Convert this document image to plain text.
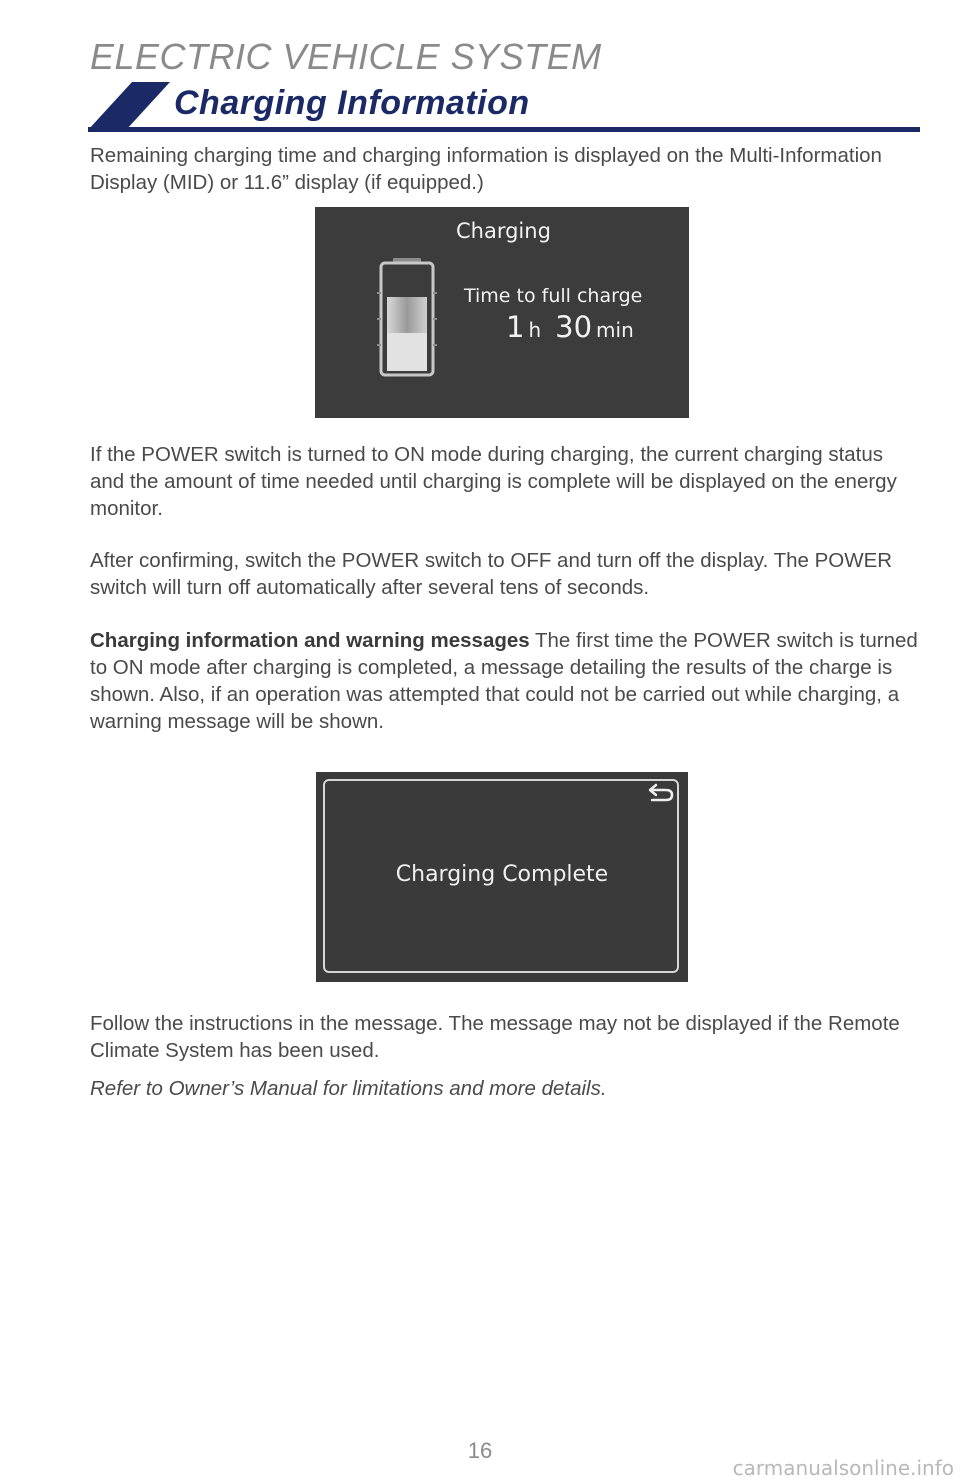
ELECTRIC VEHICLE SYSTEM
Charging Information

Remaining charging time and charging information is displayed on the Multi-Information Display (MID) or 11.6” display (if equipped.)

Charging
Time to full charge
1 h 30 min

If the POWER switch is turned to ON mode during charging, the current charging status and the amount of time needed until charging is complete will be displayed on the energy monitor.

After confirming, switch the POWER switch to OFF and turn off the display. The POWER switch will turn off automatically after several tens of seconds.

Charging information and warning messages The first time the POWER switch is turned to ON mode after charging is completed, a message detailing the results of the charge is shown. Also, if an operation was attempted that could not be carried out while charging, a warning message will be shown.

Charging Complete

Follow the instructions in the message. The message may not be displayed if the Remote Climate System has been used.

Refer to Owner’s Manual for limitations and more details.

16
carmanualsonline.info
